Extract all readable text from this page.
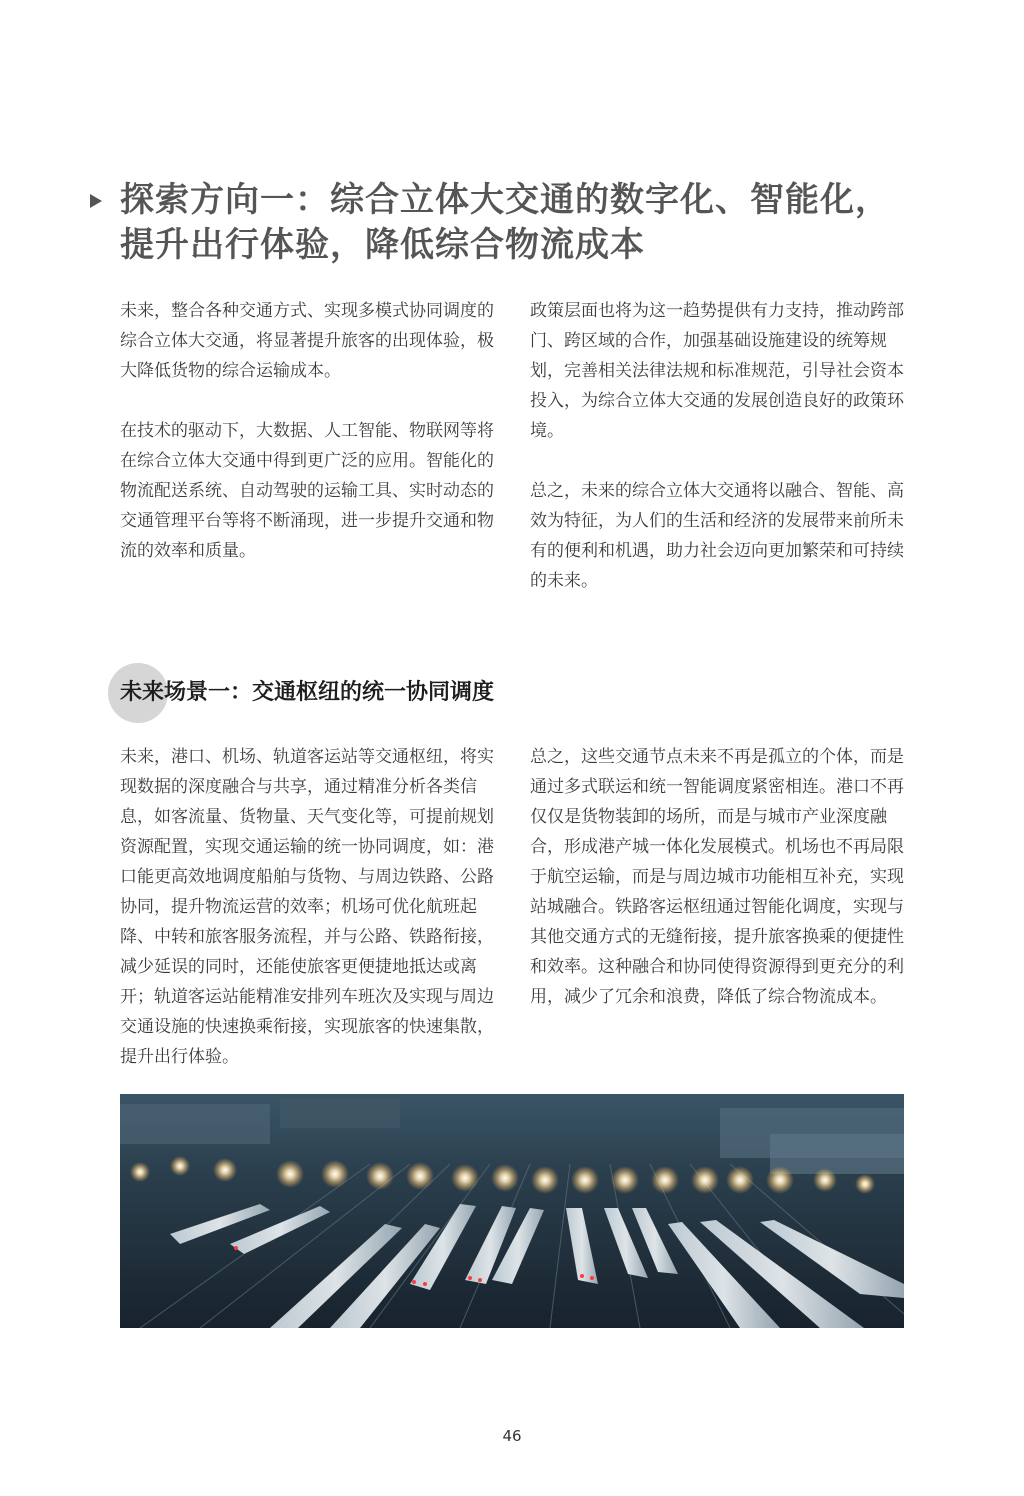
探索方向一：综合立体大交通的数字化、智能化，
提升出行体验，降低综合物流成本

未来，整合各种交通方式、实现多模式协同调度的综合立体大交通，将显著提升旅客的出现体验，极大降低货物的综合运输成本。

在技术的驱动下，大数据、人工智能、物联网等将在综合立体大交通中得到更广泛的应用。智能化的物流配送系统、自动驾驶的运输工具、实时动态的交通管理平台等将不断涌现，进一步提升交通和物流的效率和质量。

政策层面也将为这一趋势提供有力支持，推动跨部门、跨区域的合作，加强基础设施建设的统筹规划，完善相关法律法规和标准规范，引导社会资本投入，为综合立体大交通的发展创造良好的政策环境。

总之，未来的综合立体大交通将以融合、智能、高效为特征，为人们的生活和经济的发展带来前所未有的便利和机遇，助力社会迈向更加繁荣和可持续的未来。

未来场景一：交通枢纽的统一协同调度

未来，港口、机场、轨道客运站等交通枢纽，将实现数据的深度融合与共享，通过精准分析各类信息，如客流量、货物量、天气变化等，可提前规划资源配置，实现交通运输的统一协同调度，如：港口能更高效地调度船舶与货物、与周边铁路、公路协同，提升物流运营的效率；机场可优化航班起降、中转和旅客服务流程，并与公路、铁路衔接，减少延误的同时，还能使旅客更便捷地抵达或离开；轨道客运站能精准安排列车班次及实现与周边交通设施的快速换乘衔接，实现旅客的快速集散，提升出行体验。

总之，这些交通节点未来不再是孤立的个体，而是通过多式联运和统一智能调度紧密相连。港口不再仅仅是货物装卸的场所，而是与城市产业深度融合，形成港产城一体化发展模式。机场也不再局限于航空运输，而是与周边城市功能相互补充，实现站城融合。铁路客运枢纽通过智能化调度，实现与其他交通方式的无缝衔接，提升旅客换乘的便捷性和效率。这种融合和协同使得资源得到更充分的利用，减少了冗余和浪费，降低了综合物流成本。

46
